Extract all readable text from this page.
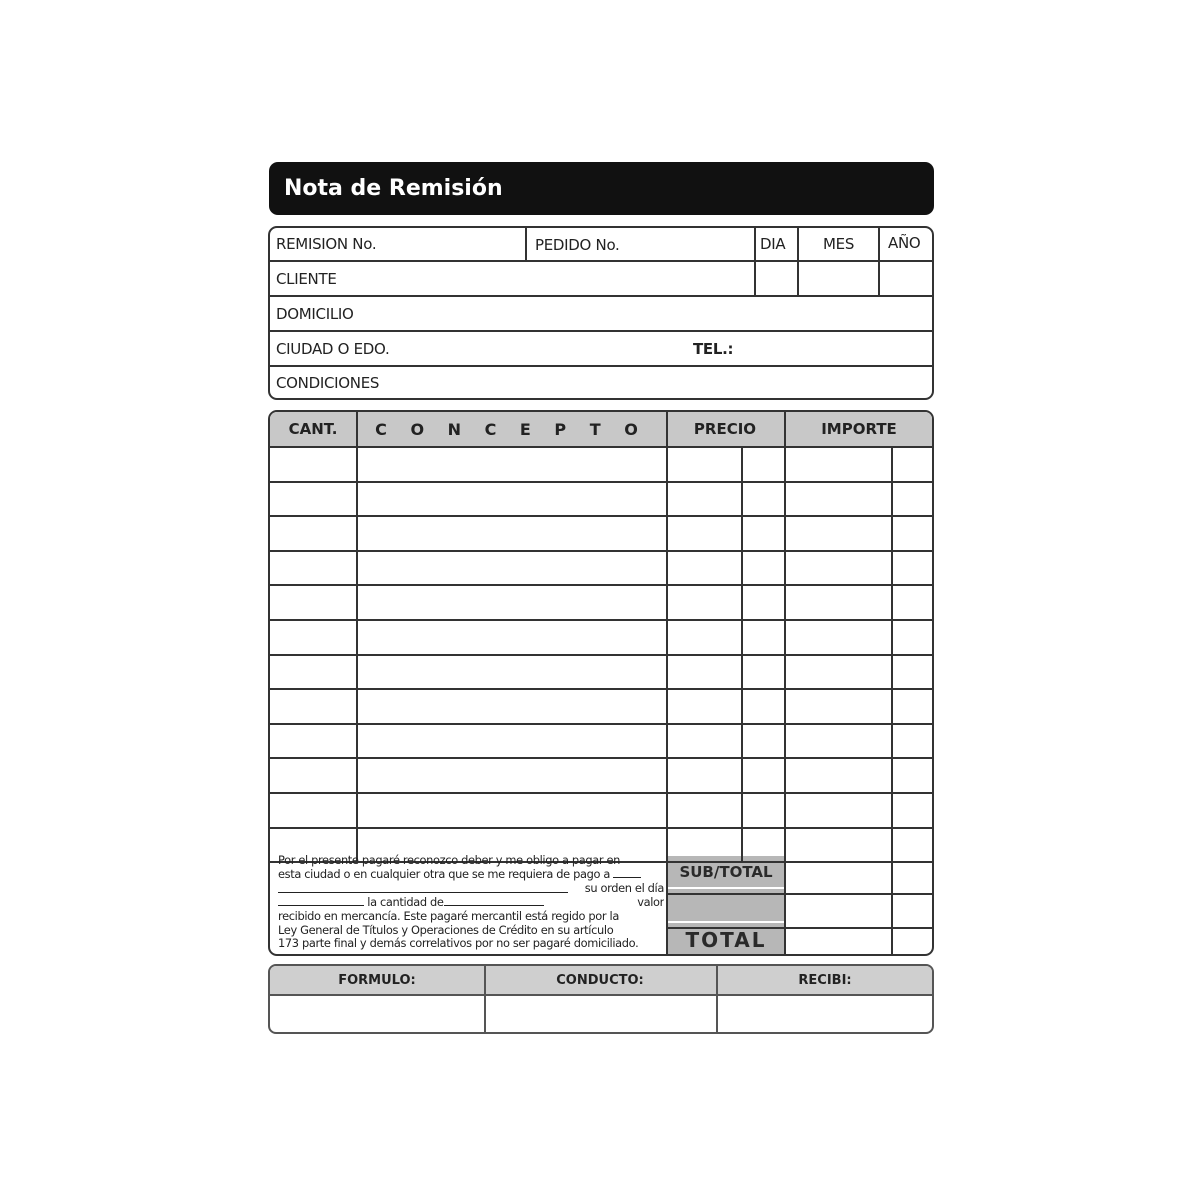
Nota de Remisión
REMISION No.	PEDIDO No.	DIA	MES AÑO
CLIENTE
DOMICILIO
CIUDAD O EDO.	TEL.:
CONDICIONES
CANT.	C O N C E P T O	PRECIO	IMPORTE
SUB/TOTAL
TOTAL
Por el presente pagaré reconozco deber y me obligo a pagar en
esta ciudad o en cualquier otra que se me requiera de pago a
su orden el día
la cantidad de	valor
recibido en mercancía. Este pagaré mercantil está regido por la
Ley General de Títulos y Operaciones de Crédito en su artículo
173 parte final y demás correlativos por no ser pagaré domiciliado.
FORMULO:	CONDUCTO:	RECIBI:
